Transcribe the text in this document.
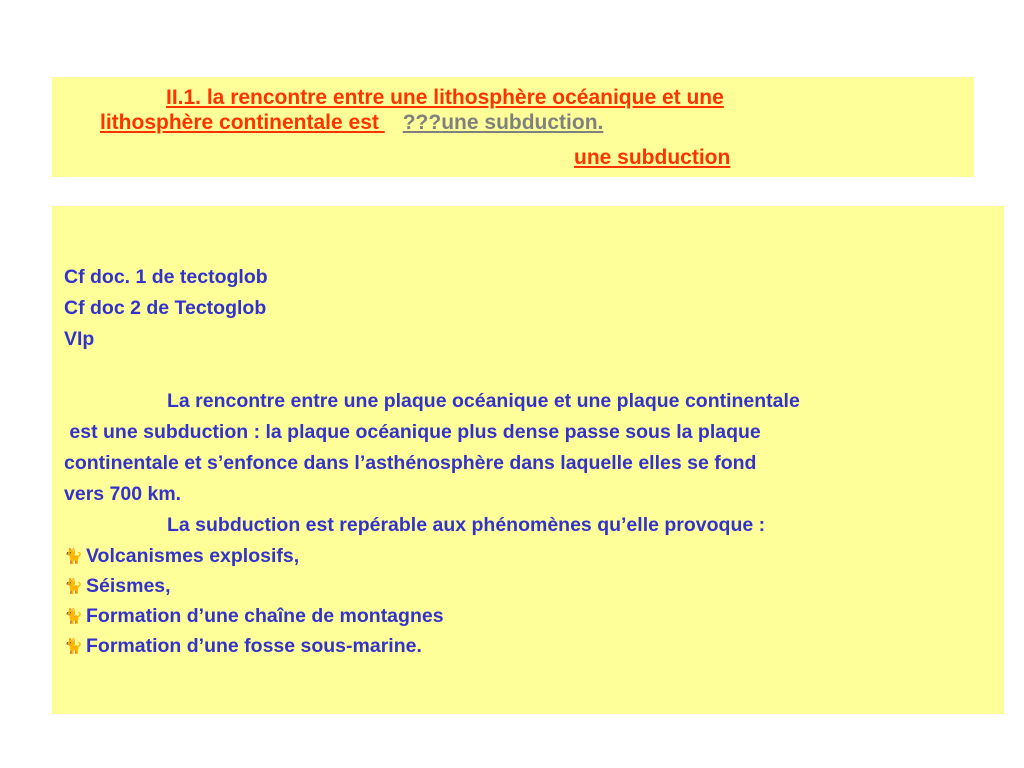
II.1. la rencontre entre une lithosphère océanique et une
lithosphère continentale est ???une subduction.
une subduction
Cf doc. 1 de tectoglob
Cf doc 2 de Tectoglob
VIp
La rencontre entre une plaque océanique et une plaque continentale
est une subduction : la plaque océanique plus dense passe sous la plaque
continentale et s’enfonce dans l’asthénosphère dans laquelle elles se fond
vers 700 km.
La subduction est repérable aux phénomènes qu’elle provoque :
🐈 Volcanismes explosifs,
🐈 Séismes,
🐈 Formation d’une chaîne de montagnes
🐈 Formation d’une fosse sous-marine.
